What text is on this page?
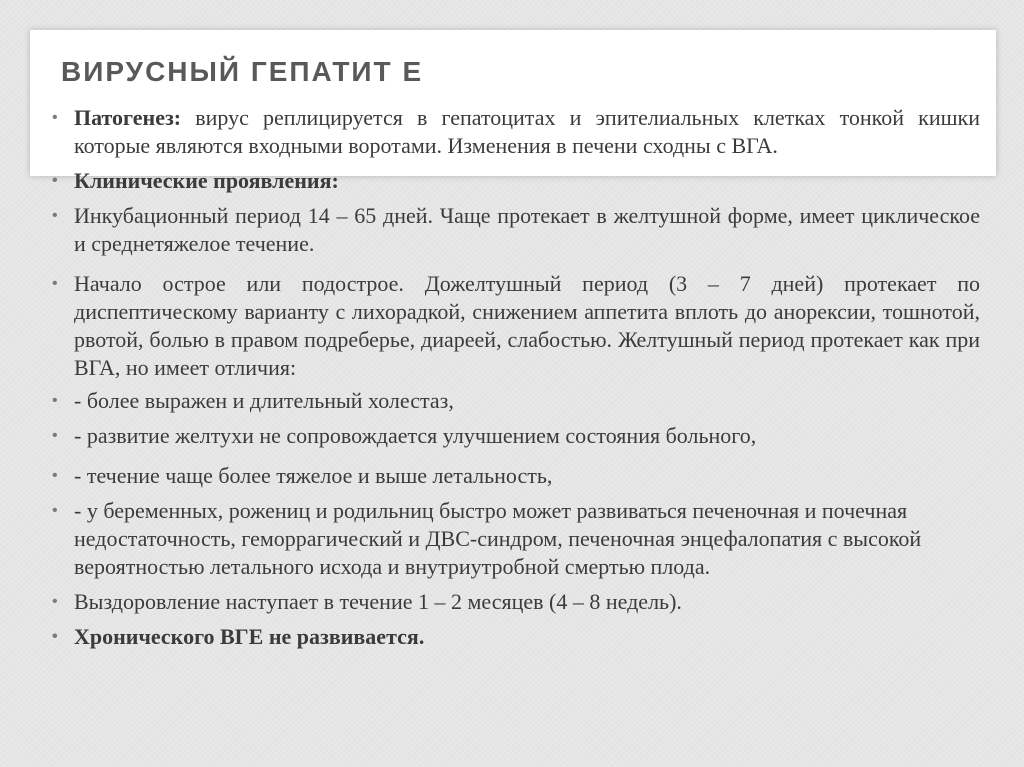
ВИРУСНЫЙ ГЕПАТИТ Е
• Патогенез: вирус реплицируется в гепатоцитах и эпителиальных клетках тонкой кишки которые являются входными воротами. Изменения в печени сходны с ВГА.
• Клинические проявления:
• Инкубационный период 14 – 65 дней. Чаще протекает в желтушной форме, имеет циклическое и среднетяжелое течение.
• Начало острое или подострое. Дожелтушный период (3 – 7 дней) протекает по диспептическому варианту с лихорадкой, снижением аппетита вплоть до анорексии, тошнотой, рвотой, болью в правом подреберье, диареей, слабостью. Желтушный период протекает как при ВГА, но имеет отличия:
• - более выражен и длительный холестаз,
• - развитие желтухи не сопровождается улучшением состояния больного,
• - течение чаще более тяжелое и выше летальность,
• - у беременных, рожениц и родильниц быстро может развиваться печеночная и почечная недостаточность, геморрагический и ДВС-синдром, печеночная энцефалопатия с высокой вероятностью летального исхода и внутриутробной смертью плода.
• Выздоровление наступает в течение 1 – 2 месяцев (4 – 8 недель).
• Хронического ВГЕ не развивается.
